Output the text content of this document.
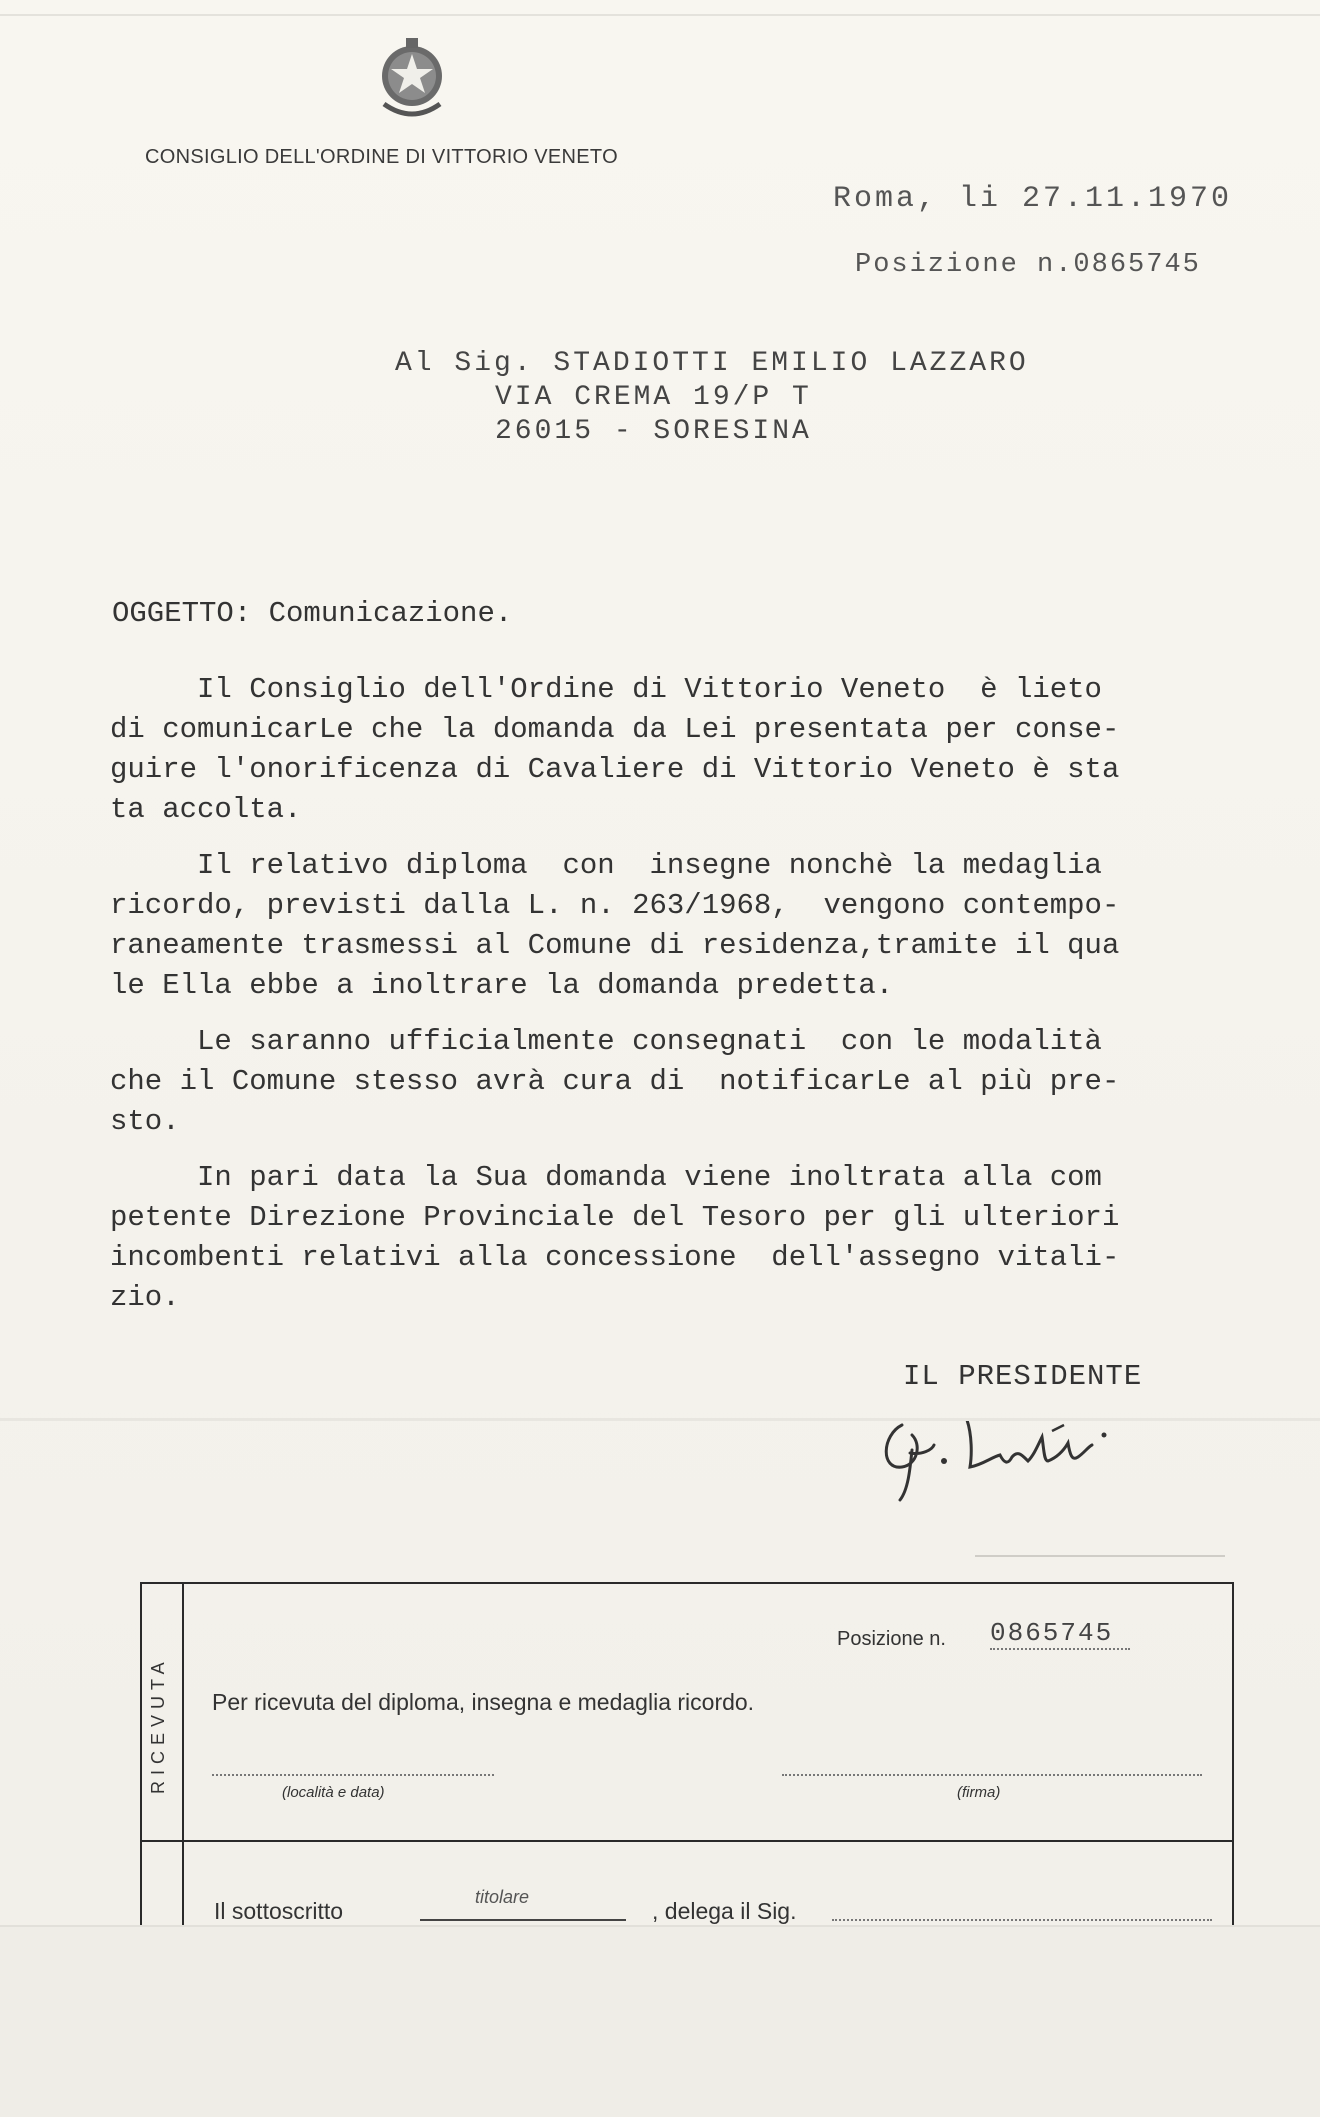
CONSIGLIO DELL'ORDINE DI VITTORIO VENETO
Roma, li 27.11.1970
Posizione n.0865745
Al Sig. STADIOTTI EMILIO LAZZARO
VIA CREMA 19/P T
26015 - SORESINA
OGGETTO: Comunicazione.
Il Consiglio dell'Ordine di Vittorio Veneto  è lieto
di comunicarLe che la domanda da Lei presentata per conse-
guire l'onorificenza di Cavaliere di Vittorio Veneto è sta
ta accolta.
Il relativo diploma  con  insegne nonchè la medaglia
ricordo, previsti dalla L. n. 263/1968,  vengono contempo-
raneamente trasmessi al Comune di residenza,tramite il qua
le Ella ebbe a inoltrare la domanda predetta.
Le saranno ufficialmente consegnati  con le modalità
che il Comune stesso avrà cura di  notificarLe al più pre-
sto.
In pari data la Sua domanda viene inoltrata alla com
petente Direzione Provinciale del Tesoro per gli ulteriori
incombenti relativi alla concessione  dell'assegno vitali-
zio.
IL PRESIDENTE
RICEVUTA
Posizione n. 0865745
Per ricevuta del diploma, insegna e medaglia ricordo.
(località e data)	(firma)
Il sottoscritto
titolare
, delega il Sig.
